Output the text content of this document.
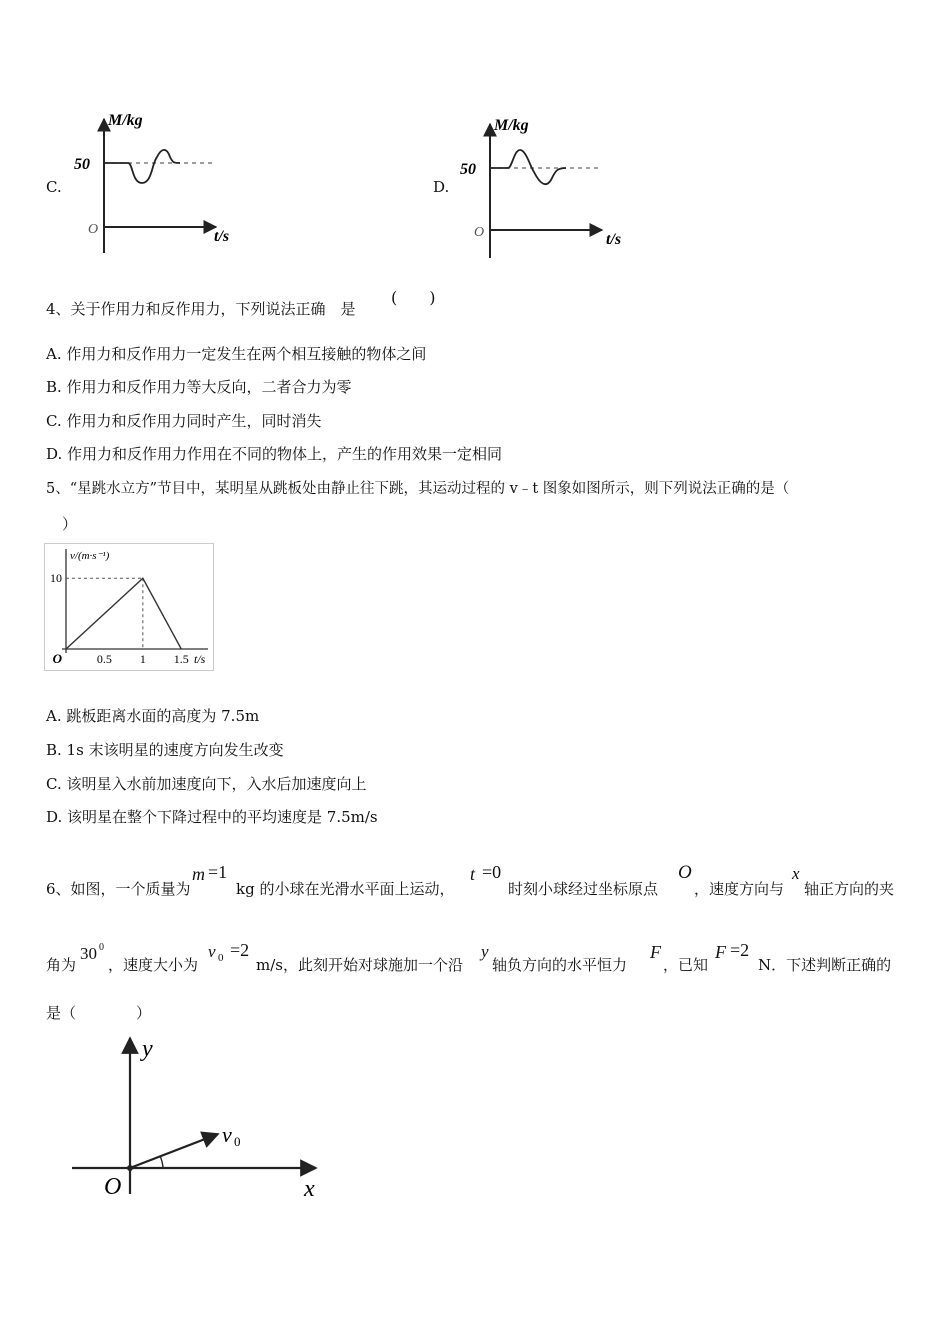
C.
M/kg
50
O	t/s
D.
M/kg
50
O	t/s
4、关于作用力和反作用力，下列说法正确　是
(　　)
A. 作用力和反作用力一定发生在两个相互接触的物体之间
B. 作用力和反作用力等大反向，二者合力为零
C. 作用力和反作用力同时产生，同时消失
D. 作用力和反作用力作用在不同的物体上，产生的作用效果一定相同
5、“星跳水立方”节目中，某明星从跳板处由静止往下跳，其运动过程的 v﹣t 图象如图所示，则下列说法正确的是（
）
0.5 1 1.5
10
O
v/(m·s⁻¹)
t/s
A. 跳板距离水面的高度为 7.5m
B. 1s 末该明星的速度方向发生改变
C. 该明星入水前加速度向下，入水后加速度向上
D. 该明星在整个下降过程中的平均速度是 7.5m/s
6、如图，一个质量为
m =1
kg 的小球在光滑水平面上运动，
t =0
时刻小球经过坐标原点
O
，速度方向与
x
轴正方向的夹
角为
30 0
，速度大小为
v 0 =2
m/s，此刻开始对球施加一个沿
y
轴负方向的水平恒力
F
，已知
F =2
N．下述判断正确的
是（　　　　）
y
x
O
v 0
